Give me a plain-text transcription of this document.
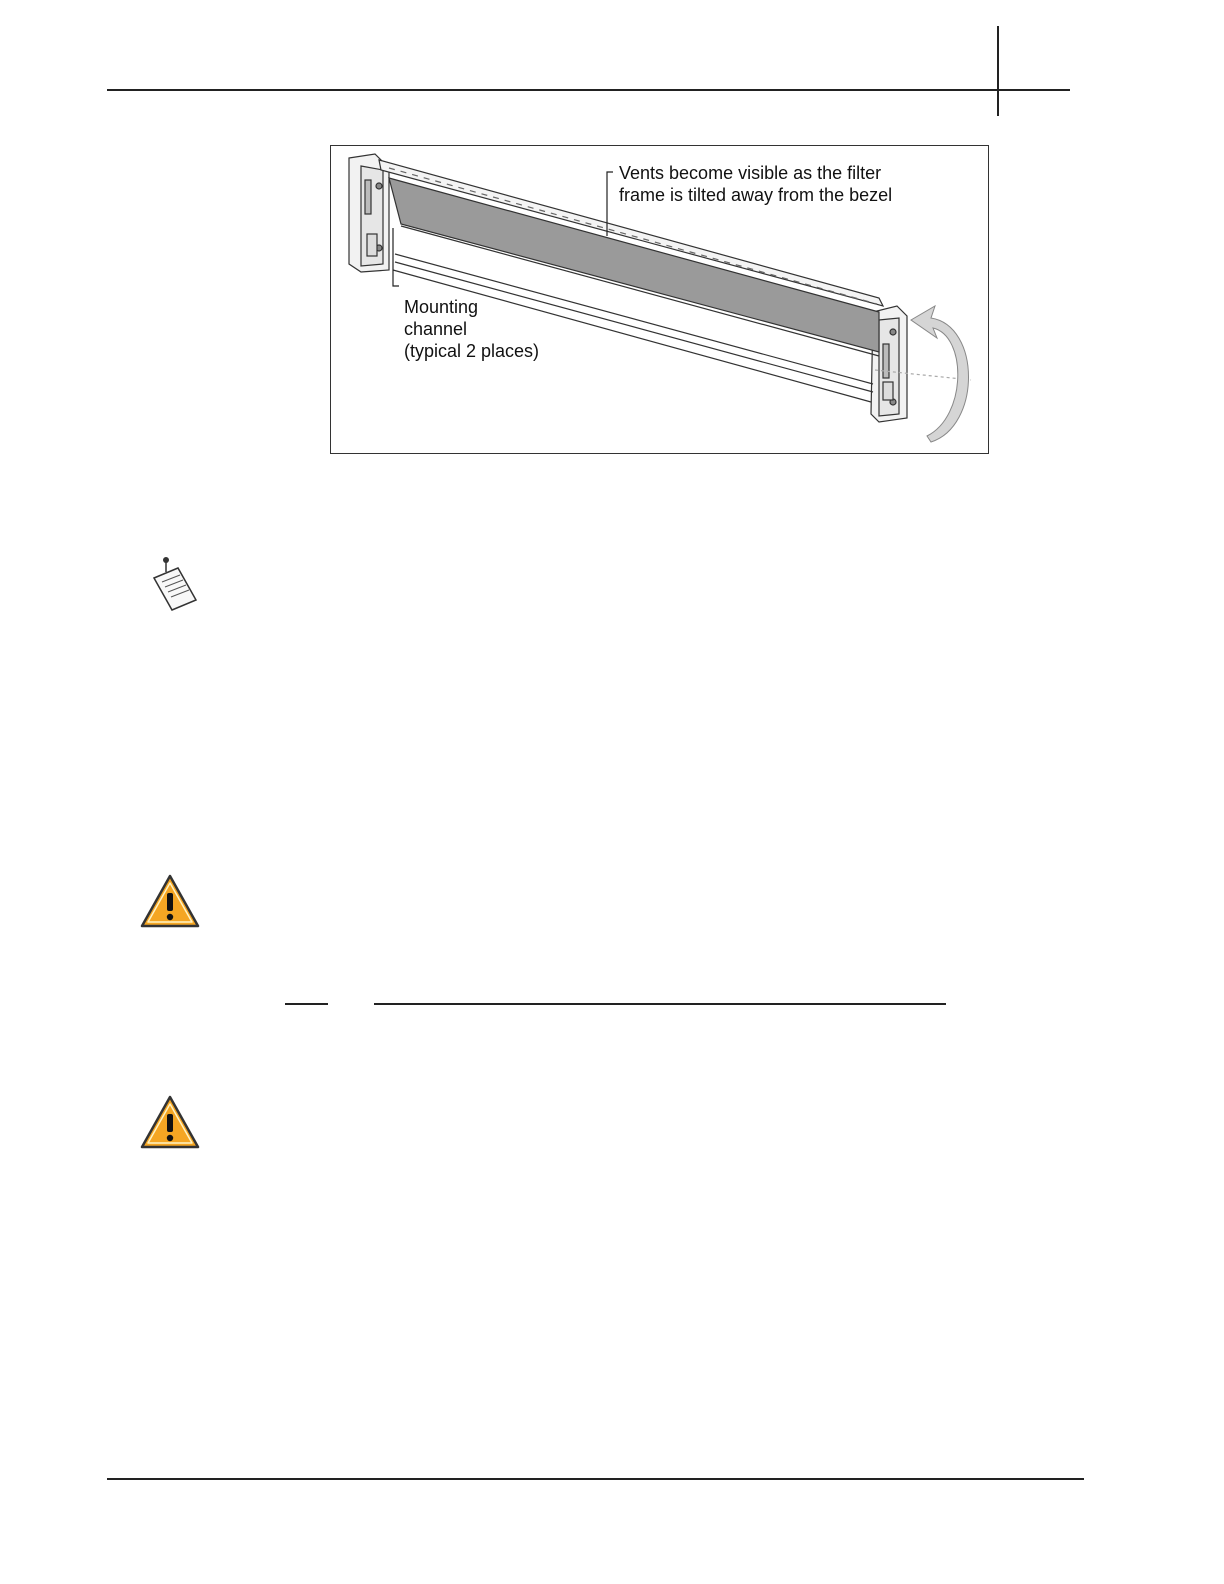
Vents become visible as the filter
frame is tilted away from the bezel
Mounting
channel
(typical 2 places)
